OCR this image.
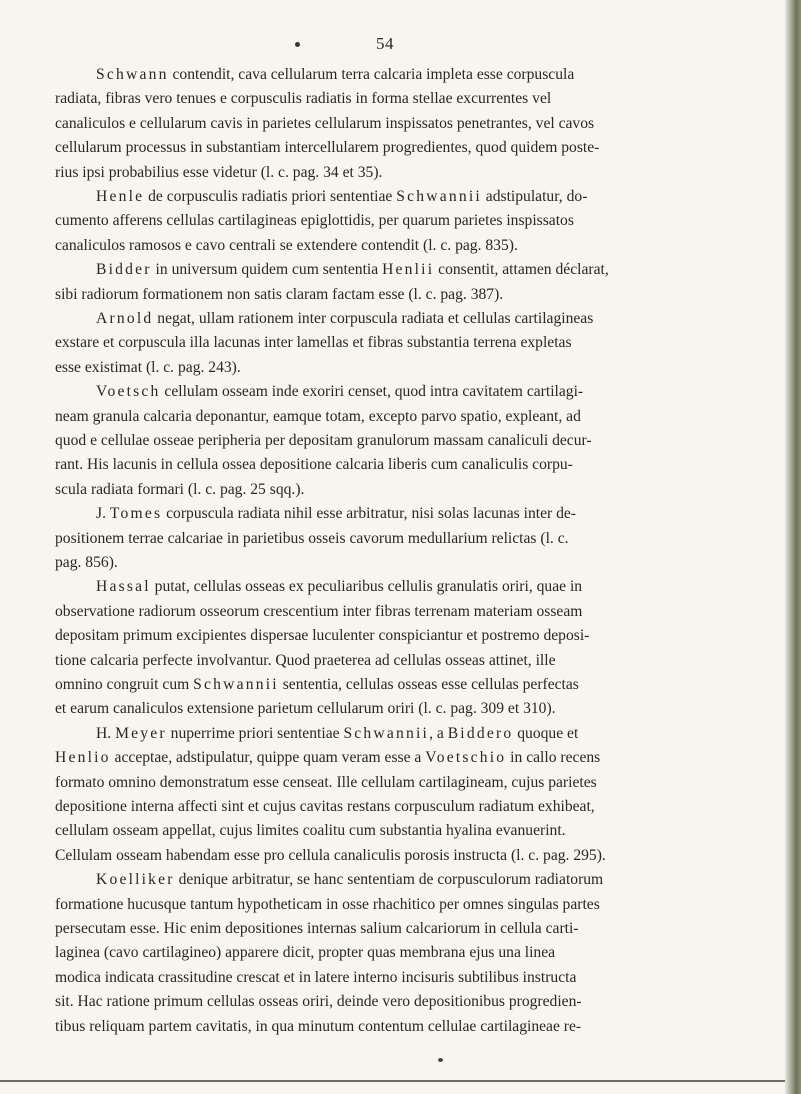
54
Schwann contendit, cava cellularum terra calcaria impleta esse corpuscula
radiata, fibras vero tenues e corpusculis radiatis in forma stellae excurrentes vel
canaliculos e cellularum cavis in parietes cellularum inspissatos penetrantes, vel cavos
cellularum processus in substantiam intercellularem progredientes, quod quidem poste-
rius ipsi probabilius esse videtur (l. c. pag. 34 et 35).
Henle de corpusculis radiatis priori sententiae Schwannii adstipulatur, do-
cumento afferens cellulas cartilagineas epiglottidis, per quarum parietes inspissatos
canaliculos ramosos e cavo centrali se extendere contendit (l. c. pag. 835).
Bidder in universum quidem cum sententia Henlii consentit, attamen déclarat,
sibi radiorum formationem non satis claram factam esse (l. c. pag. 387).
Arnold negat, ullam rationem inter corpuscula radiata et cellulas cartilagineas
exstare et corpuscula illa lacunas inter lamellas et fibras substantia terrena expletas
esse existimat (l. c. pag. 243).
Voetsch cellulam osseam inde exoriri censet, quod intra cavitatem cartilagi-
neam granula calcaria deponantur, eamque totam, excepto parvo spatio, expleant, ad
quod e cellulae osseae peripheria per depositam granulorum massam canaliculi decur-
rant. His lacunis in cellula ossea depositione calcaria liberis cum canaliculis corpu-
scula radiata formari (l. c. pag. 25 sqq.).
J. Tomes corpuscula radiata nihil esse arbitratur, nisi solas lacunas inter de-
positionem terrae calcariae in parietibus osseis cavorum medullarium relictas (l. c.
pag. 856).
Hassal putat, cellulas osseas ex peculiaribus cellulis granulatis oriri, quae in
observatione radiorum osseorum crescentium inter fibras terrenam materiam osseam
depositam primum excipientes dispersae luculenter conspiciantur et postremo deposi-
tione calcaria perfecte involvantur. Quod praeterea ad cellulas osseas attinet, ille
omnino congruit cum Schwannii sententia, cellulas osseas esse cellulas perfectas
et earum canaliculos extensione parietum cellularum oriri (l. c. pag. 309 et 310).
H. Meyer nuperrime priori sententiae Schwannii, a Biddero quoque et
Henlio acceptae, adstipulatur, quippe quam veram esse a Voetschio in callo recens
formato omnino demonstratum esse censeat. Ille cellulam cartilagineam, cujus parietes
depositione interna affecti sint et cujus cavitas restans corpusculum radiatum exhibeat,
cellulam osseam appellat, cujus limites coalitu cum substantia hyalina evanuerint.
Cellulam osseam habendam esse pro cellula canaliculis porosis instructa (l. c. pag. 295).
Koelliker denique arbitratur, se hanc sententiam de corpusculorum radiatorum
formatione hucusque tantum hypotheticam in osse rhachitico per omnes singulas partes
persecutam esse. Hic enim depositiones internas salium calcariorum in cellula carti-
laginea (cavo cartilagineo) apparere dicit, propter quas membrana ejus una linea
modica indicata crassitudine crescat et in latere interno incisuris subtilibus instructa
sit. Hac ratione primum cellulas osseas oriri, deinde vero depositionibus progredien-
tibus reliquam partem cavitatis, in qua minutum contentum cellulae cartilagineae re-
